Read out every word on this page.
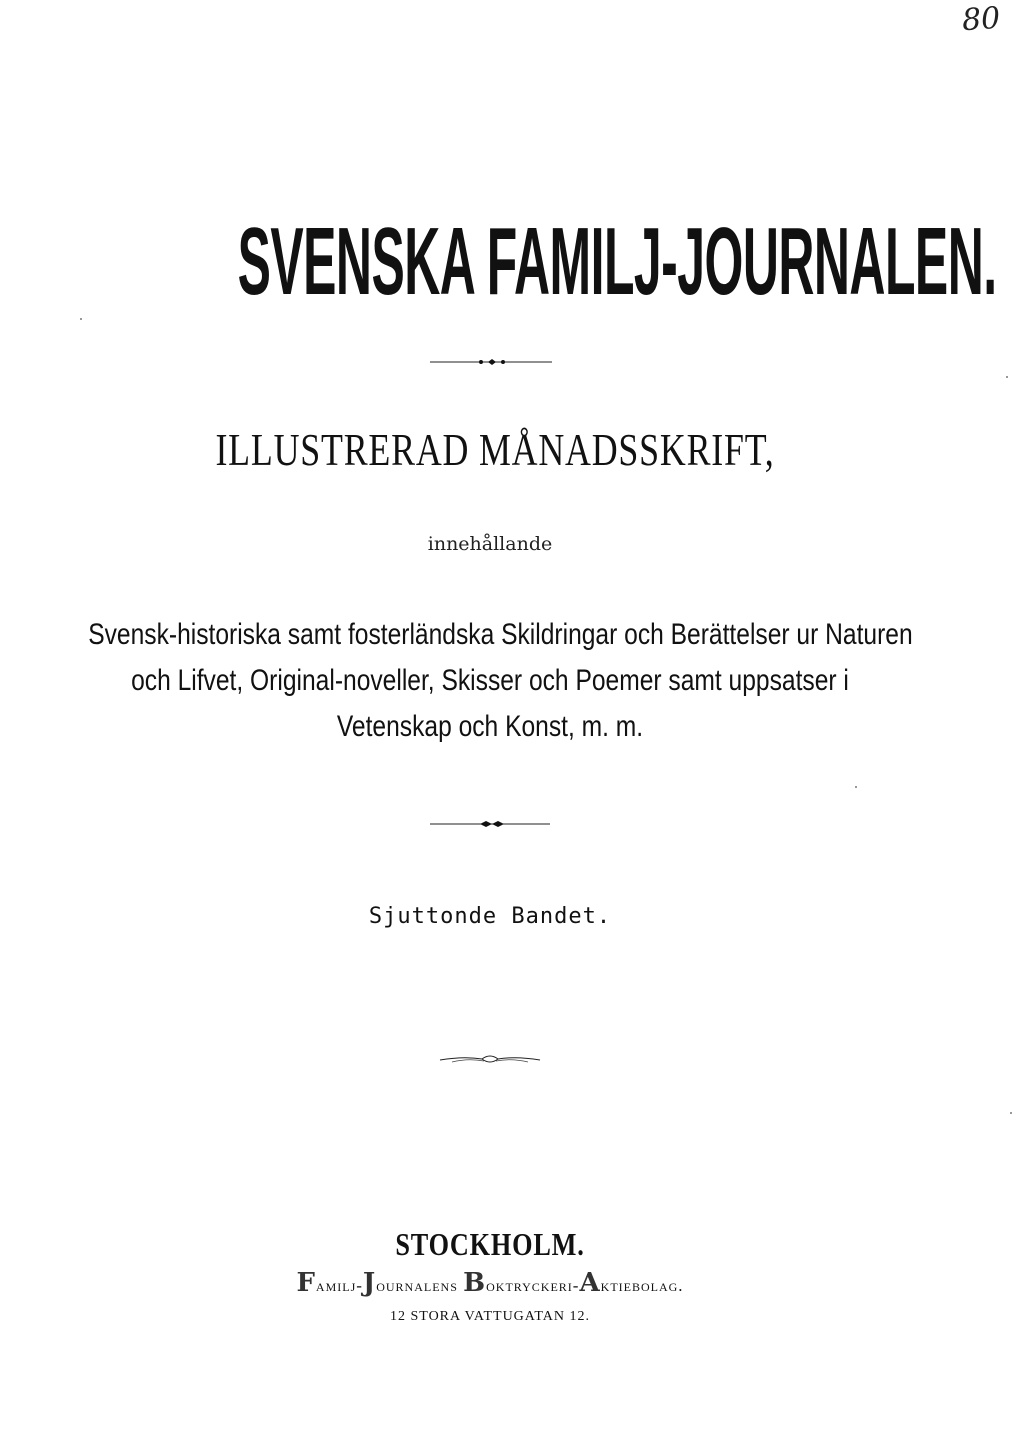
80
SVENSKA FAMILJ-JOURNALEN.
ILLUSTRERAD MÅNADSSKRIFT,
innehållande
Svensk-historiska samt fosterländska Skildringar och Berättelser ur Naturen
och Lifvet, Original-noveller, Skisser och Poemer samt uppsatser i
Vetenskap och Konst, m. m.
Sjuttonde Bandet.
STOCKHOLM.
Familj-Journalens Boktryckeri-Aktiebolag.
12 STORA VATTUGATAN 12.
